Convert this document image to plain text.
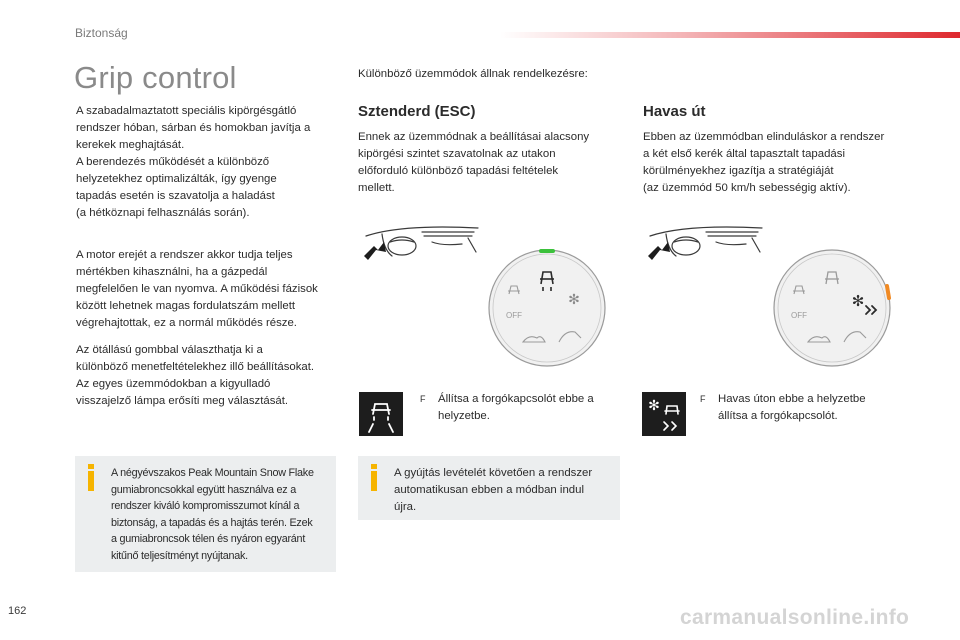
Biztonság
Grip control

A szabadalmaztatott speciális kipörgésgátló

rendszer hóban, sárban és homokban javítja a

kerekek meghajtását.

A berendezés működését a különböző

helyzetekhez optimalizálták, így gyenge

tapadás esetén is szavatolja a haladást

(a hétköznapi felhasználás során).

A motor erejét a rendszer akkor tudja teljes

mértékben kihasználni, ha a gázpedál

megfelelően le van nyomva. A működési fázisok

között lehetnek magas fordulatszám mellett

végrehajtottak, ez a normál működés része.

Az ötállású gombbal választhatja ki a

különböző menetfeltételekhez illő beállításokat.

Az egyes üzemmódokban a kigyulladó

visszajelző lámpa erősíti meg választását.

A négyévszakos Peak Mountain Snow Flake
gumiabroncsokkal együtt használva ez a
rendszer kiváló kompromisszumot kínál a
biztonság, a tapadás és a hajtás terén. Ezek
a gumiabroncsok télen és nyáron egyaránt
kitűnő teljesítményt nyújtanak.
Különböző üzemmódok állnak rendelkezésre:
Sztenderd (ESC)

Ennek az üzemmódnak a beállításai alacsony

kipörgési szintet szavatolnak az utakon

előforduló különböző tapadási feltételek

mellett.

Havas út

Ebben az üzemmódban elinduláskor a rendszer

a két első kerék által tapasztalt tapadási

körülményekhez igazítja a stratégiáját

(az üzemmód 50 km/h sebességig aktív).

✻
OFF
✻
OFF
✻
F Állítsa a forgókapcsolót ebbe a
helyzetbe.
F Havas úton ebbe a helyzetbe
állítsa a forgókapcsolót.
A gyújtás levételét követően a rendszer
automatikusan ebben a módban indul
újra.
162	carmanualsonline.info
